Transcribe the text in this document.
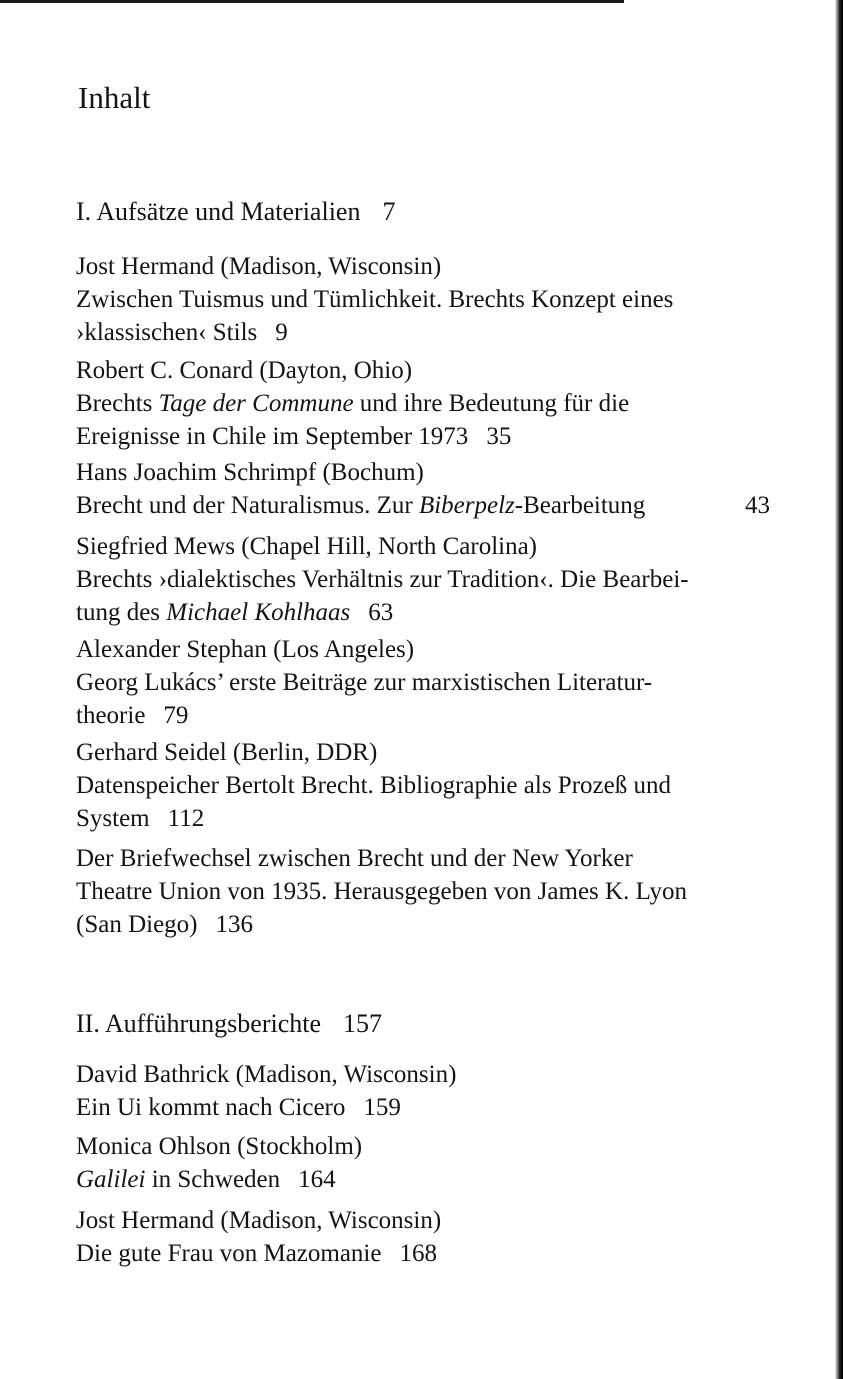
Inhalt
I. Aufsätze und Materialien 7
Jost Hermand (Madison, Wisconsin)
Zwischen Tuismus und Tümlichkeit. Brechts Konzept eines
›klassischen‹ Stils 9
Robert C. Conard (Dayton, Ohio)
Brechts Tage der Commune und ihre Bedeutung für die
Ereignisse in Chile im September 1973 35
Hans Joachim Schrimpf (Bochum)
Brecht und der Naturalismus. Zur Biberpelz-Bearbeitung	43
Siegfried Mews (Chapel Hill, North Carolina)
Brechts ›dialektisches Verhältnis zur Tradition‹. Die Bearbei-
tung des Michael Kohlhaas 63
Alexander Stephan (Los Angeles)
Georg Lukács’ erste Beiträge zur marxistischen Literatur-
theorie 79
Gerhard Seidel (Berlin, DDR)
Datenspeicher Bertolt Brecht. Bibliographie als Prozeß und
System 112
Der Briefwechsel zwischen Brecht und der New Yorker
Theatre Union von 1935. Herausgegeben von James K. Lyon
(San Diego) 136
II. Aufführungsberichte 157
David Bathrick (Madison, Wisconsin)
Ein Ui kommt nach Cicero 159
Monica Ohlson (Stockholm)
Galilei in Schweden 164
Jost Hermand (Madison, Wisconsin)
Die gute Frau von Mazomanie 168
